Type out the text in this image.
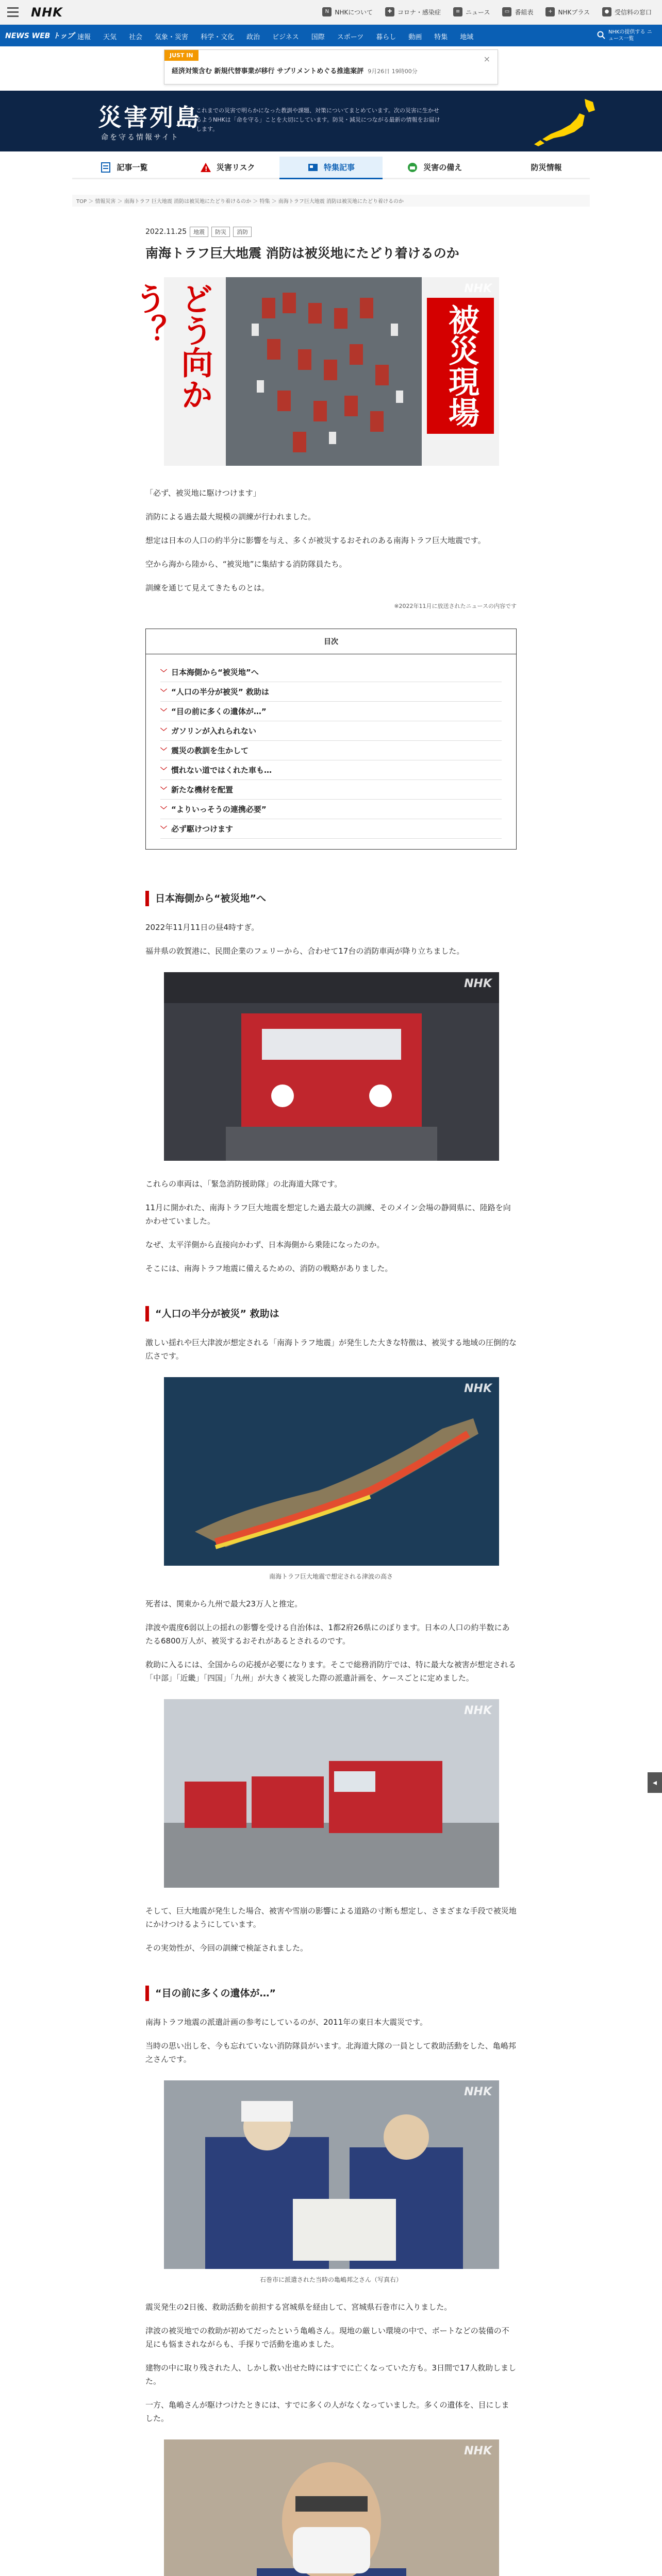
NHK	N NHKについて	✚ コロナ・感染症	≡ ニュース	▭ 番組表	+ NHKプラス	● 受信料の窓口
NEWS WEB トップ 速報 天気 社会 気象・災害 科学・文化 政治 ビジネス 国際 スポーツ 暮らし 動画 特集 地域
NHKの提供する ニュース一覧
JUST IN
経済対策含む 新規代替事業が移行 サプリメントめぐる推進案評 9月26日 19時00分
×
災害列島
命を守る情報サイト
これまでの災害で明らかになった教訓や課題、対策についてまとめています。次の災害に生かせるようNHKは「命を守る」ことを大切にしています。防災・減災につながる最新の情報をお届けします。
記事一覧	! 災害リスク	特集記事	災害の備え	防災情報
TOP ＞ 情報災害 ＞ 南海トラフ 巨大地震 消防は被災地にたどり着けるのか ＞ 特集 ＞ 南海トラフ巨大地震 消防は被災地にたどり着けるのか
2022.11.25	地震	防災	消防
南海トラフ巨大地震 消防は被災地にたどり着けるのか
どう向かう？	被災現場
NHK

「必ず、被災地に駆けつけます」

消防による過去最大規模の訓練が行われました。

想定は日本の人口の約半分に影響を与え、多くが被災するおそれのある南海トラフ巨大地震です。

空から海から陸から、“被災地”に集結する消防隊員たち。

訓練を通じて見えてきたものとは。

※2022年11月に放送されたニュースの内容です
目次
﹀ 日本海側から“被災地”へ
﹀ “人口の半分が被災” 救助は
﹀ “目の前に多くの遺体が…”
﹀ ガソリンが入れられない
﹀ 震災の教訓を生かして
﹀ 慣れない道ではくれた車も…
﹀ 新たな機材を配置
﹀ “よりいっそうの連携必要”
﹀ 必ず駆けつけます
日本海側から“被災地”へ

2022年11月11日の昼4時すぎ。

福井県の敦賀港に、民間企業のフェリーから、合わせて17台の消防車両が降り立ちました。

NHK

これらの車両は、「緊急消防援助隊」の北海道大隊です。

11月に開かれた、南海トラフ巨大地震を想定した過去最大の訓練、そのメイン会場の静岡県に、陸路を向かわせていました。

なぜ、太平洋側から直接向かわず、日本海側から乗陸になったのか。

そこには、南海トラフ地震に備えるための、消防の戦略がありました。

“人口の半分が被災” 救助は

激しい揺れや巨大津波が想定される「南海トラフ地震」が発生した大きな特徴は、被災する地域の圧倒的な広さです。

NHK
南海トラフ巨大地震で想定される津波の高さ

死者は、関東から九州で最大23万人と推定。

津波や震度6弱以上の揺れの影響を受ける自治体は、1都2府26県にのぼります。日本の人口の約半数にあたる6800万人が、被災するおそれがあるとされるのです。

救助に入るには、全国からの応援が必要になります。そこで総務消防庁では、特に最大な被害が想定される「中部」「近畿」「四国」「九州」が大きく被災した際の派遣計画を、ケースごとに定めました。

NHK

そして、巨大地震が発生した場合、被害や雪崩の影響による道路の寸断も想定し、さまざまな手段で被災地にかけつけるようにしています。

その実効性が、今回の訓練で検証されました。

“目の前に多くの遺体が…”

南海トラフ地震の派遣計画の参考にしているのが、2011年の東日本大震災です。

当時の思い出しを、今も忘れていない消防隊員がいます。北海道大隊の一員として救助活動をした、亀嶋邦之さんです。

NHK
石巻市に派遣された当時の亀嶋邦之さん（写真右）

震災発生の2日後、救助活動を前担する宮城県を経由して、宮城県石巻市に入りました。

津波の被災地での救助が初めてだったという亀嶋さん。現地の厳しい環境の中で、ボートなどの装備の不足にも悩まされながらも、手探りで活動を進めました。

建物の中に取り残された人、しかし救い出せた時にはすでに亡くなっていた方も。3日間で17人救助しました。

一方、亀嶋さんが駆けつけたときには、すでに多くの人がなくなっていました。多くの遺体を、目にしました。

NHK

◂
